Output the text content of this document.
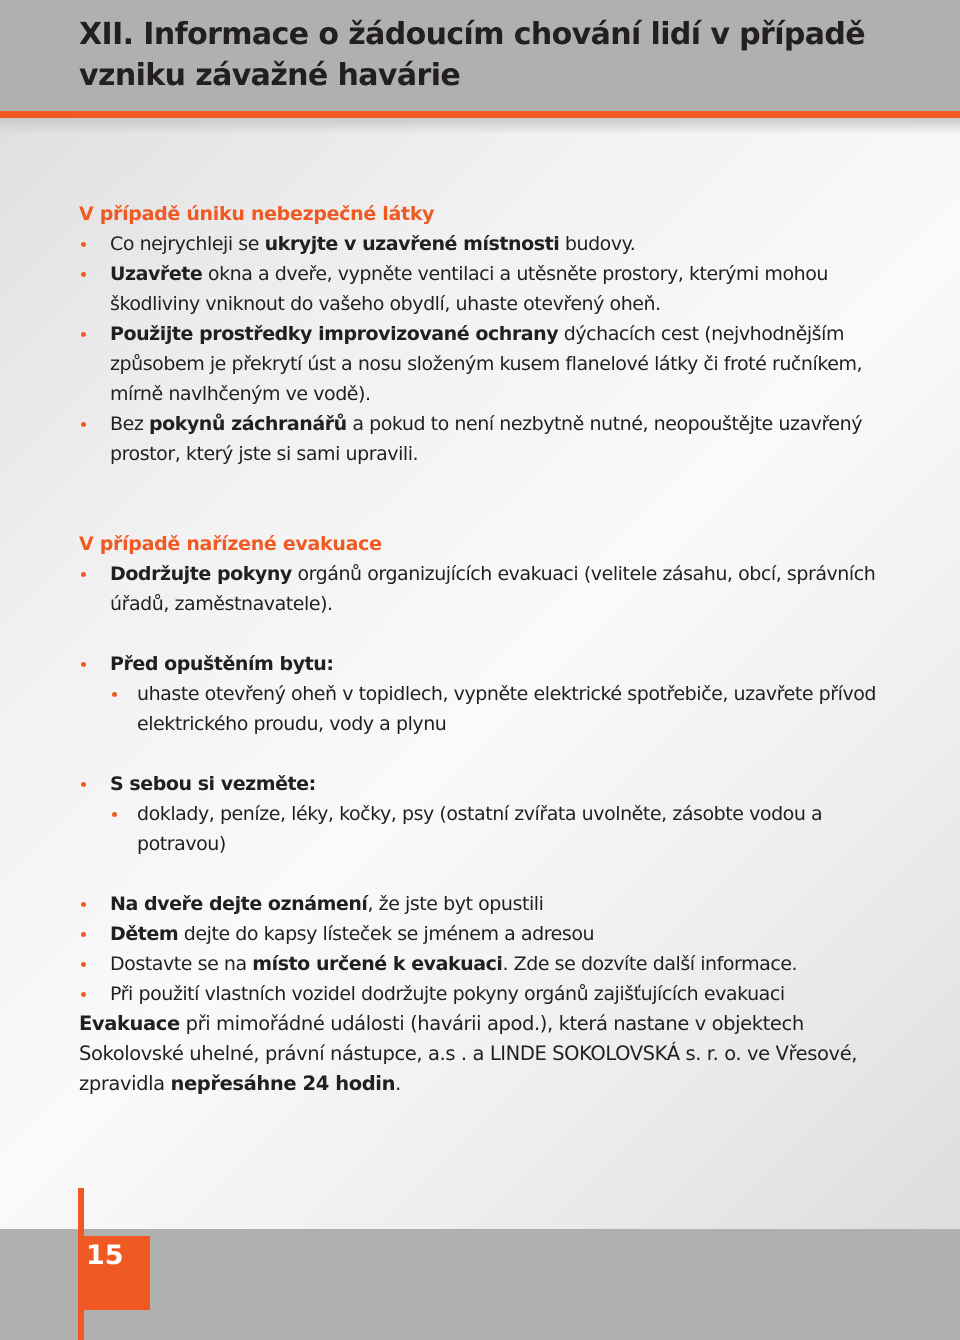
XII. Informace o žádoucím chování lidí v případě vzniku závažné havárie
V případě úniku nebezpečné látky
Co nejrychleji se ukryjte v uzavřené místnosti budovy.
Uzavřete okna a dveře, vypněte ventilaci a utěsněte prostory, kterými mohou škodliviny vniknout do vašeho obydlí, uhaste otevřený oheň.
Použijte prostředky improvizované ochrany dýchacích cest (nejvhodnějším způsobem je překrytí úst a nosu složeným kusem flanelové látky či froté ručníkem, mírně navlhčeným ve vodě).
Bez pokynů záchranářů a pokud to není nezbytně nutné, neopouštějte uzavřený prostor, který jste si sami upravili.
V případě nařízené evakuace
Dodržujte pokyny orgánů organizujících evakuaci (velitele zásahu, obcí, správních úřadů, zaměstnavatele).
Před opuštěním bytu:
uhaste otevřený oheň v topidlech, vypněte elektrické spotřebiče, uzavřete přívod elektrického proudu, vody a plynu
S sebou si vezměte:
doklady, peníze, léky, kočky, psy (ostatní zvířata uvolněte, zásobte vodou a potravou)
Na dveře dejte oznámení, že jste byt opustili
Dětem dejte do kapsy lísteček se jménem a adresou
Dostavte se na místo určené k evakuaci. Zde se dozvíte další informace.
Při použití vlastních vozidel dodržujte pokyny orgánů zajišťujících evakuaci

Evakuace při mimořádné události (havárii apod.), která nastane v objektech Sokolovské uhelné, právní nástupce, a.s . a LINDE SOKOLOVSKÁ s. r. o. ve Vřesové, zpravidla nepřesáhne 24 hodin.

15
